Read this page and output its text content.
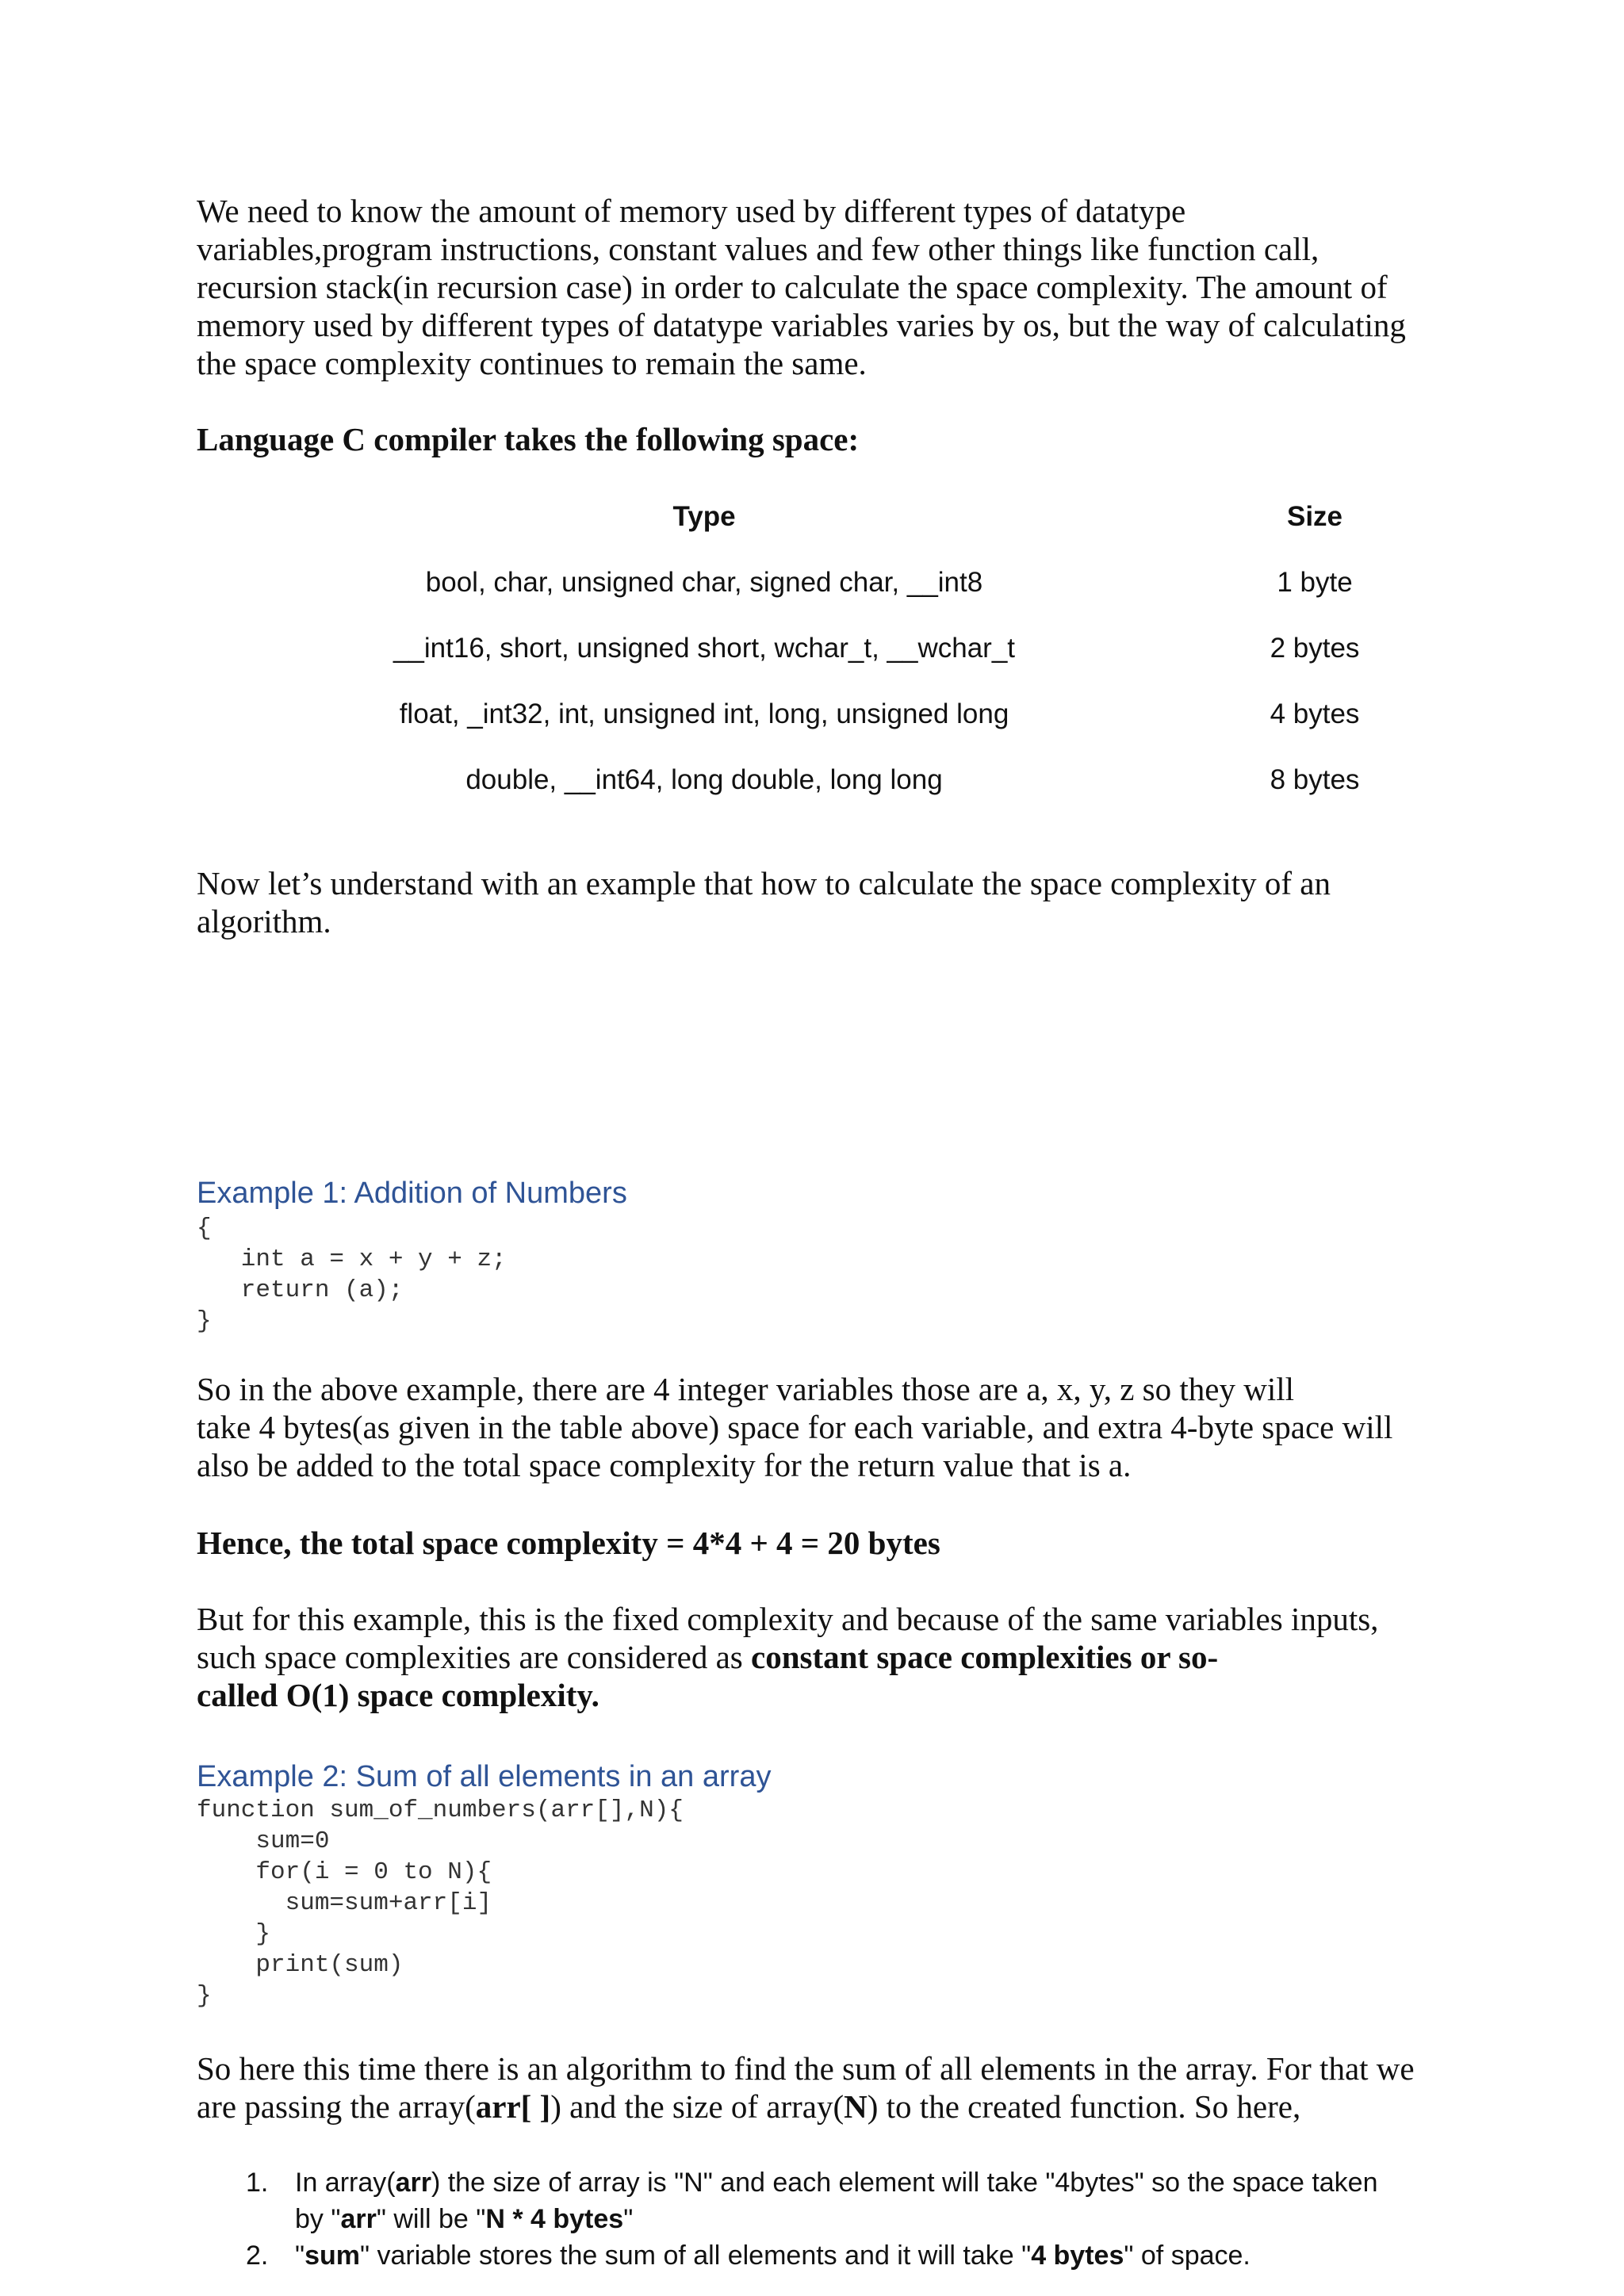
We need to know the amount of memory used by different types of datatype

variables,program instructions, constant values and few other things like function call,

recursion stack(in recursion case) in order to calculate the space complexity. The amount of

memory used by different types of datatype variables varies by os, but the way of calculating

the space complexity continues to remain the same.

Language C compiler takes the following space:

Type	Size
bool, char, unsigned char, signed char, __int8	1 byte
__int16, short, unsigned short, wchar_t, __wchar_t	2 bytes
float, _int32, int, unsigned int, long, unsigned long	4 bytes
double, __int64, long double, long long	8 bytes

Now let’s understand with an example that how to calculate the space complexity of an

algorithm.

Example 1: Addition of Numbers

{

int a = x + y + z;

return (a);

}

So in the above example, there are 4 integer variables those are a, x, y, z so they will

take 4 bytes(as given in the table above) space for each variable, and extra 4-byte space will

also be added to the total space complexity for the return value that is a.

Hence, the total space complexity = 4*4 + 4 = 20 bytes

But for this example, this is the fixed complexity and because of the same variables inputs,

such space complexities are considered as constant space complexities or so-

called O(1) space complexity.

Example 2: Sum of all elements in an array

function sum_of_numbers(arr[],N){

sum=0

for(i = 0 to N){

sum=sum+arr[i]

}

print(sum)

}

So here this time there is an algorithm to find the sum of all elements in the array. For that we

are passing the array(arr[ ]) and the size of array(N) to the created function. So here,

1. In array(arr) the size of array is "N" and each element will take "4bytes" so the space taken
by "arr" will be "N * 4 bytes"
2. "sum" variable stores the sum of all elements and it will take "4 bytes" of space.
